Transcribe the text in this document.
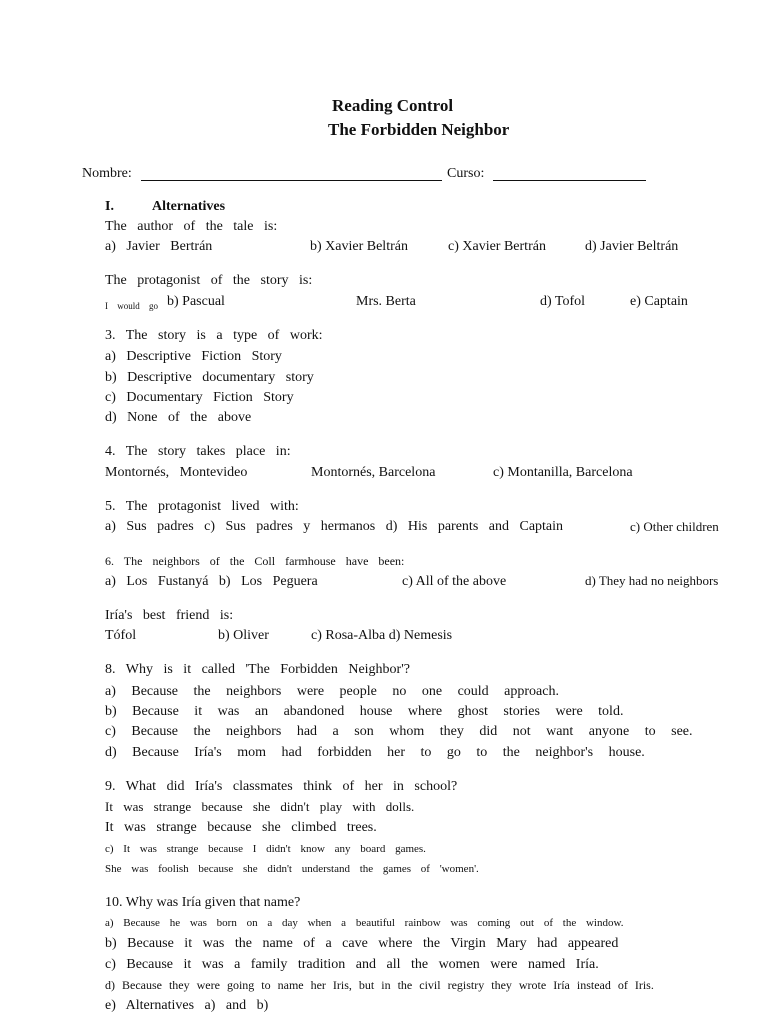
Reading Control
The Forbidden Neighbor
Nombre:	Curso:
I.	Alternatives
The author of the tale is:
a) Javier Bertrán	b) Xavier Beltrán	c) Xavier Bertrán	d) Javier Beltrán
The protagonist of the story is:
I would go b) Pascual	Mrs. Berta	d) Tofol	e) Captain
3. The story is a type of work:
a) Descriptive Fiction Story
b) Descriptive documentary story
c) Documentary Fiction Story
d) None of the above
4. The story takes place in:
Montornés, Montevideo	Montornés, Barcelona	c) Montanilla, Barcelona
5. The protagonist lived with:
a) Sus padres c) Sus padres y hermanos d) His parents and Captain	c) Other children
6. The neighbors of the Coll farmhouse have been:
a) Los Fustanyá b) Los Peguera	c) All of the above	d) They had no neighbors
Iría's best friend is:
Tófol	b) Oliver	c) Rosa-Alba d) Nemesis
8. Why is it called 'The Forbidden Neighbor'?
a) Because the neighbors were people no one could approach.
b) Because it was an abandoned house where ghost stories were told.
c) Because the neighbors had a son whom they did not want anyone to see.
d) Because Iría's mom had forbidden her to go to the neighbor's house.
9. What did Iría's classmates think of her in school?
It was strange because she didn't play with dolls.
It was strange because she climbed trees.
c) It was strange because I didn't know any board games.
She was foolish because she didn't understand the games of 'women'.
10. Why was Iría given that name?
a) Because he was born on a day when a beautiful rainbow was coming out of the window.
b) Because it was the name of a cave where the Virgin Mary had appeared
c) Because it was a family tradition and all the women were named Iría.
d) Because they were going to name her Iris, but in the civil registry they wrote Iría instead of Iris.
e) Alternatives a) and b)
